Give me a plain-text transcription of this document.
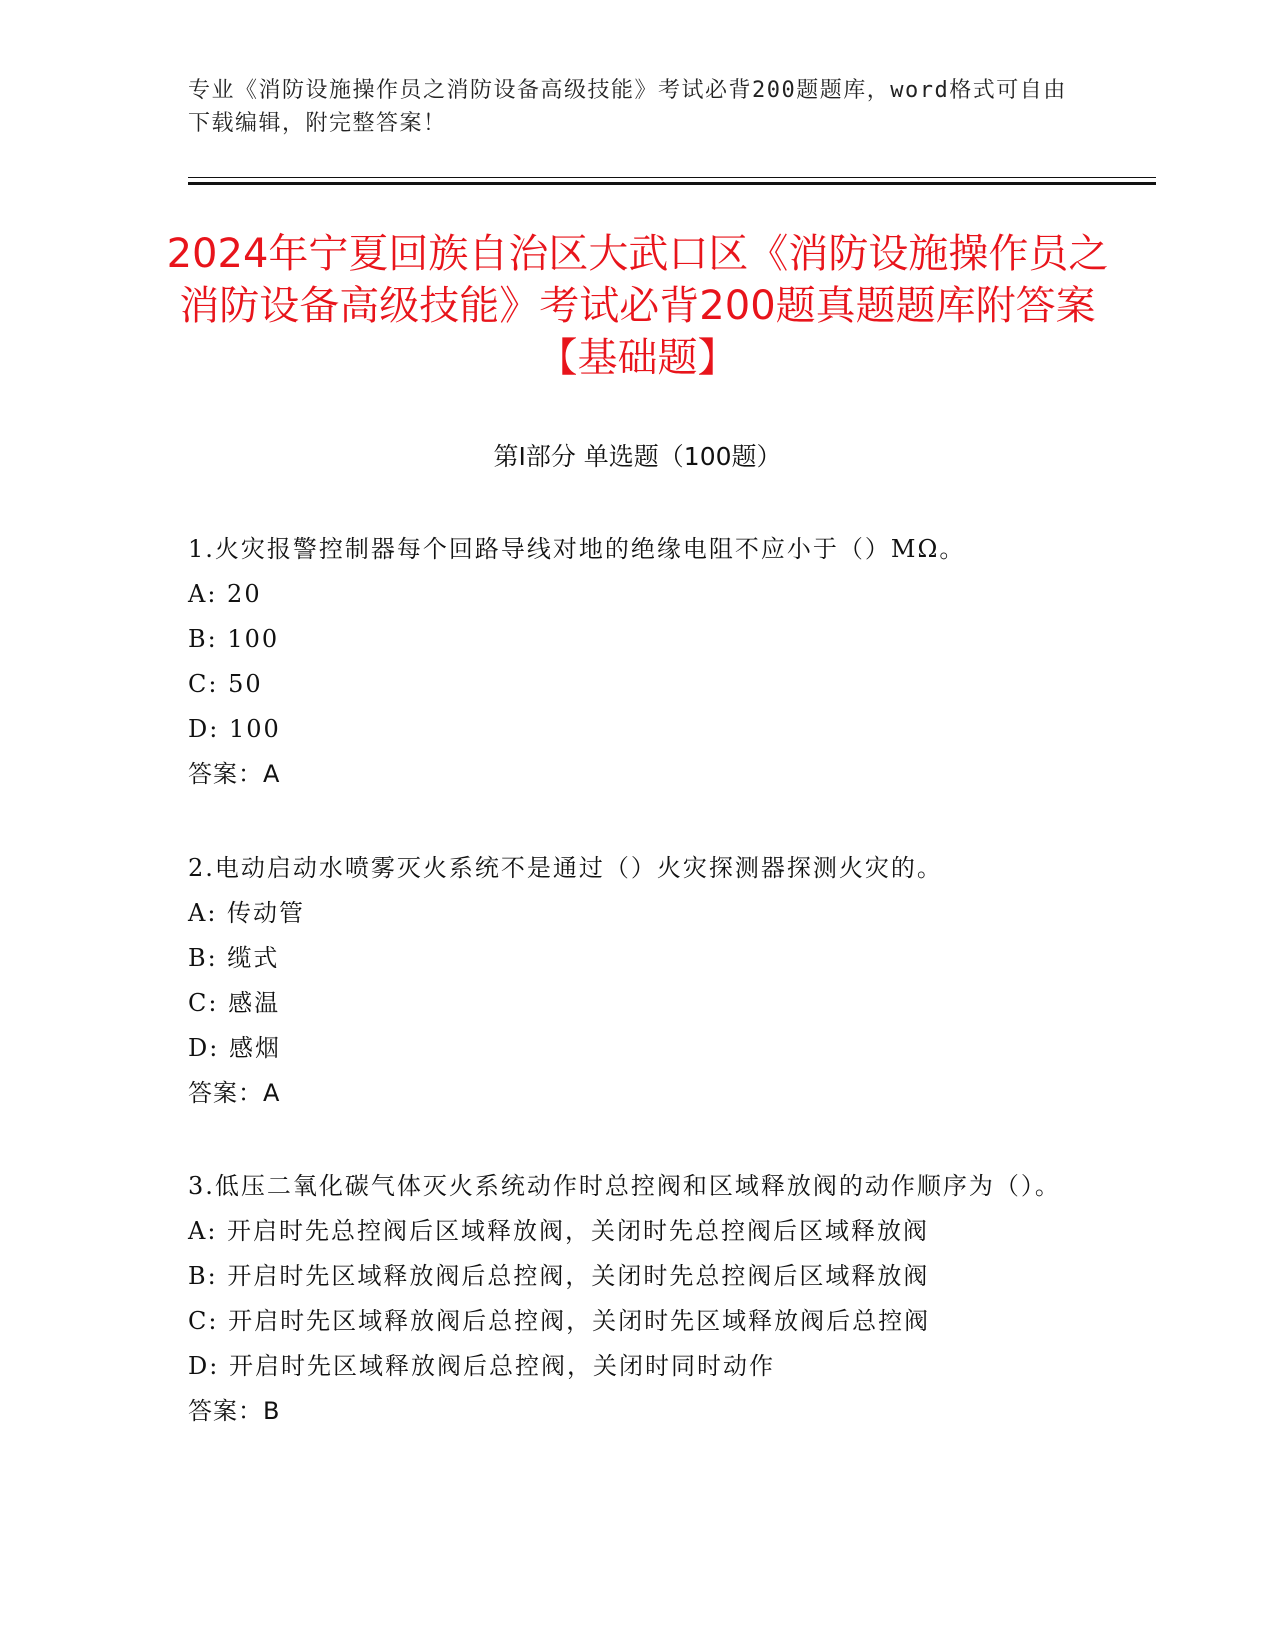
专业《消防设施操作员之消防设备高级技能》考试必背200题题库，word格式可自由下载编辑，附完整答案！
2024年宁夏回族自治区大武口区《消防设施操作员之消防设备高级技能》考试必背200题真题题库附答案【基础题】
第Ⅰ部分 单选题（100题）
1.火灾报警控制器每个回路导线对地的绝缘电阻不应小于（）MΩ。
A: 20
B: 100
C: 50
D: 100
答案：A
2.电动启动水喷雾灭火系统不是通过（）火灾探测器探测火灾的。
A: 传动管
B: 缆式
C: 感温
D: 感烟
答案：A
3.低压二氧化碳气体灭火系统动作时总控阀和区域释放阀的动作顺序为（）。
A: 开启时先总控阀后区域释放阀，关闭时先总控阀后区域释放阀
B: 开启时先区域释放阀后总控阀，关闭时先总控阀后区域释放阀
C: 开启时先区域释放阀后总控阀，关闭时先区域释放阀后总控阀
D: 开启时先区域释放阀后总控阀，关闭时同时动作
答案：B
